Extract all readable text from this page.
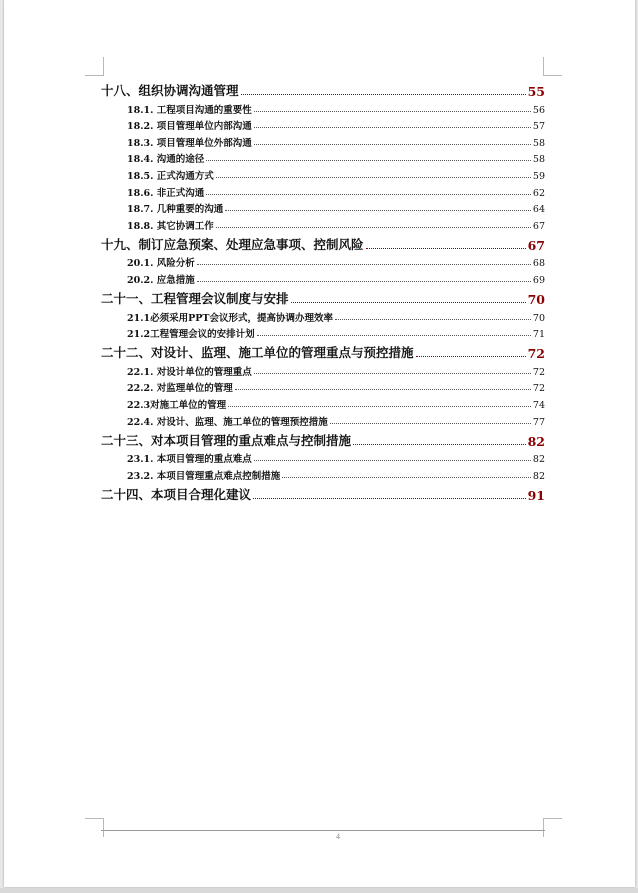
十八、组织协调沟通管理	55
18.1. 工程项目沟通的重要性	56
18.2. 项目管理单位内部沟通	57
18.3. 项目管理单位外部沟通	58
18.4. 沟通的途径	58
18.5. 正式沟通方式	59
18.6. 非正式沟通	62
18.7. 几种重要的沟通	64
18.8. 其它协调工作	67
十九、制订应急预案、处理应急事项、控制风险	67
20.1. 风险分析	68
20.2. 应急措施	69
二十一、工程管理会议制度与安排	70
21.1必须采用PPT会议形式，提高协调办理效率	70
21.2工程管理会议的安排计划	71
二十二、对设计、监理、施工单位的管理重点与预控措施	72
22.1. 对设计单位的管理重点	72
22.2. 对监理单位的管理	72
22.3对施工单位的管理	74
22.4. 对设计、监理、施工单位的管理预控措施	77
二十三、对本项目管理的重点难点与控制措施	82
23.1. 本项目管理的重点难点	82
23.2. 本项目管理重点难点控制措施	82
二十四、本项目合理化建议	91
4
